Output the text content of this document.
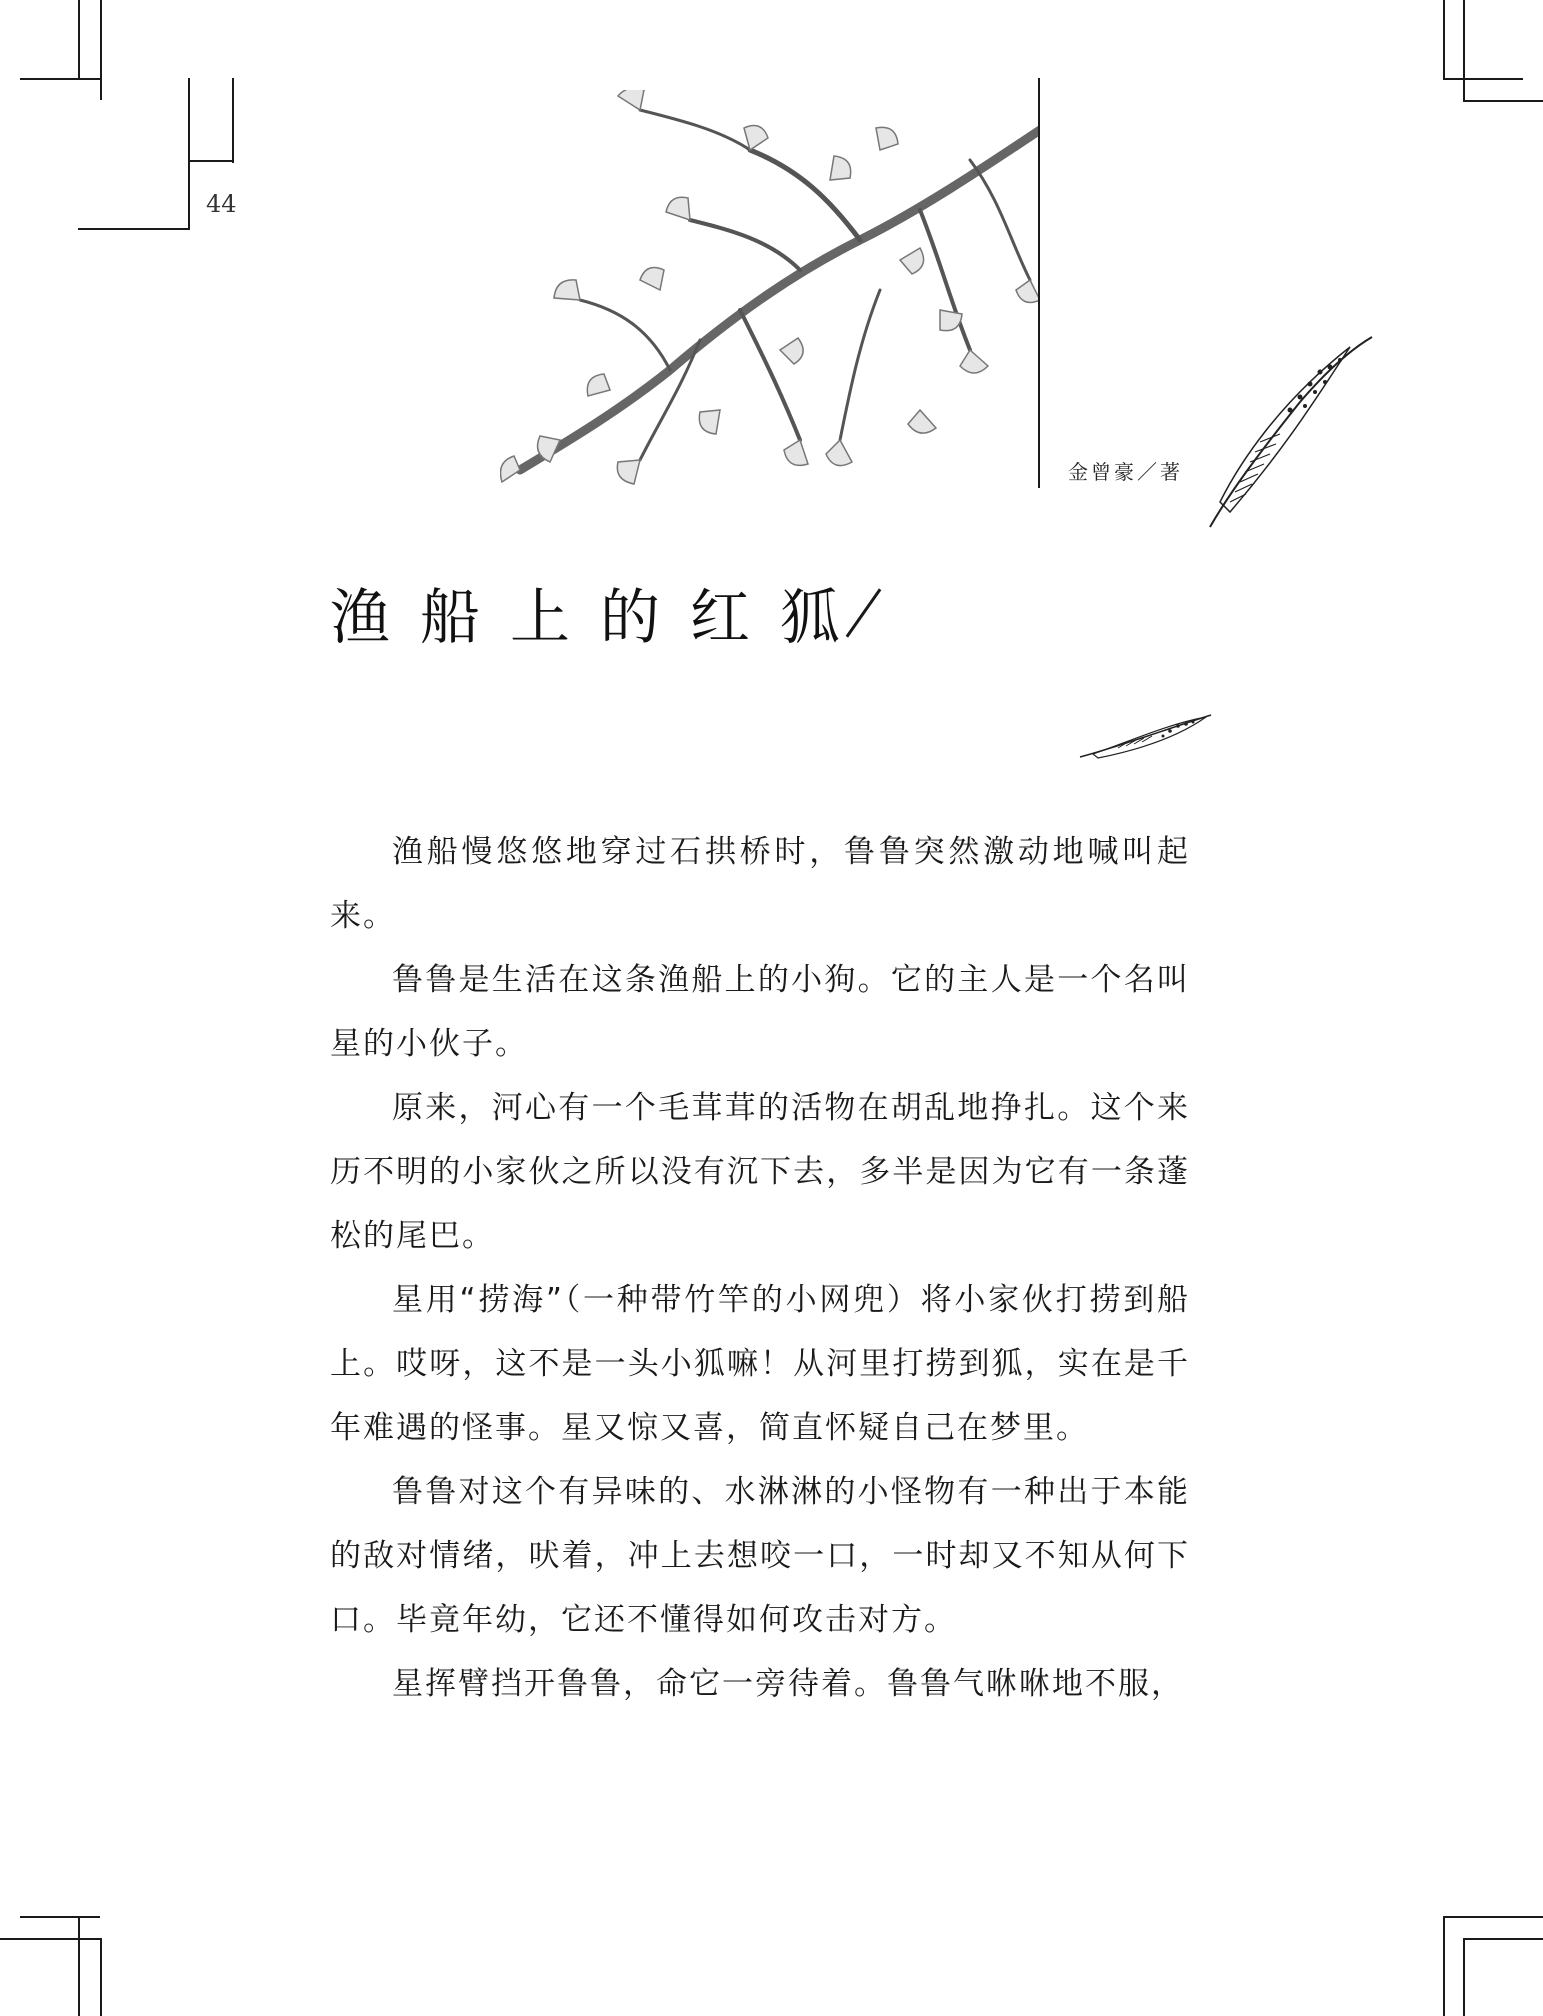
44
金曾豪／著
渔船上的红狐

渔船慢悠悠地穿过石拱桥时，鲁鲁突然激动地喊叫起来。

鲁鲁是生活在这条渔船上的小狗。它的主人是一个名叫星的小伙子。

原来，河心有一个毛茸茸的活物在胡乱地挣扎。这个来历不明的小家伙之所以没有沉下去，多半是因为它有一条蓬松的尾巴。

星用“捞海”（一种带竹竿的小网兜）将小家伙打捞到船上。哎呀，这不是一头小狐嘛！从河里打捞到狐，实在是千年难遇的怪事。星又惊又喜，简直怀疑自己在梦里。

鲁鲁对这个有异味的、水淋淋的小怪物有一种出于本能的敌对情绪，吠着，冲上去想咬一口，一时却又不知从何下口。毕竟年幼，它还不懂得如何攻击对方。

星挥臂挡开鲁鲁，命它一旁待着。鲁鲁气咻咻地不服，
